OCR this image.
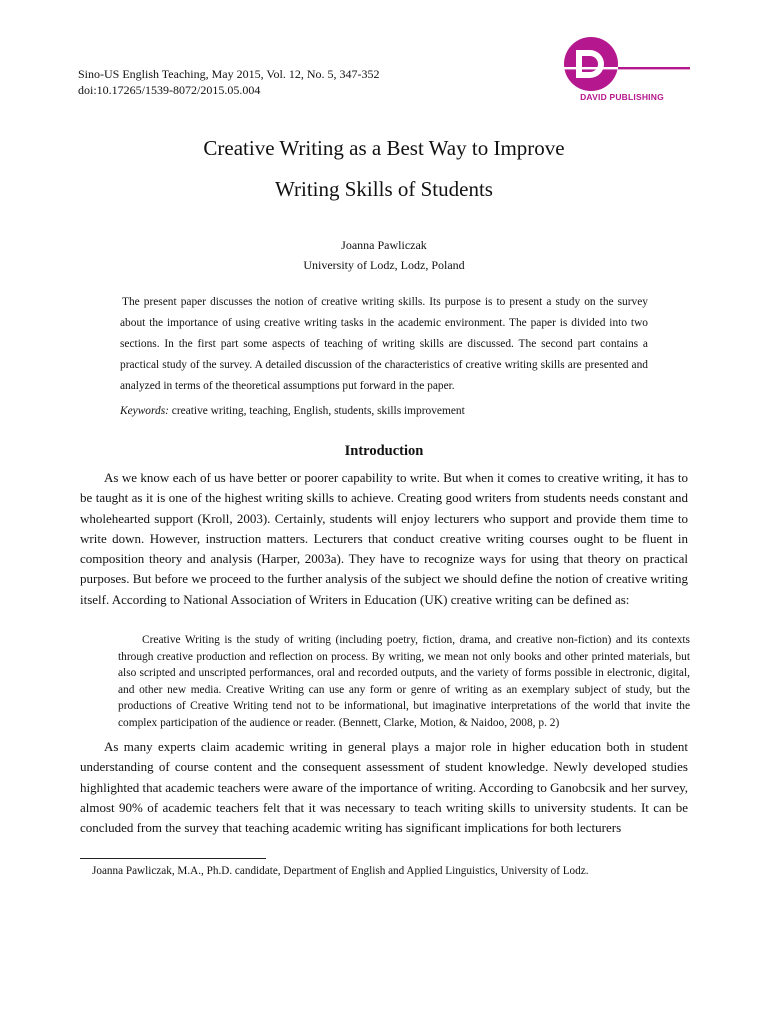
Sino-US English Teaching, May 2015, Vol. 12, No. 5, 347-352
doi:10.17265/1539-8072/2015.05.004	DAVID PUBLISHING
Creative Writing as a Best Way to Improve
Writing Skills of Students
Joanna Pawliczak
University of Lodz, Lodz, Poland
The present paper discusses the notion of creative writing skills. Its purpose is to present a study on the survey about the importance of using creative writing tasks in the academic environment. The paper is divided into two sections. In the first part some aspects of teaching of writing skills are discussed. The second part contains a practical study of the survey. A detailed discussion of the characteristics of creative writing skills are presented and analyzed in terms of the theoretical assumptions put forward in the paper.
Keywords: creative writing, teaching, English, students, skills improvement
Introduction
As we know each of us have better or poorer capability to write. But when it comes to creative writing, it has to be taught as it is one of the highest writing skills to achieve. Creating good writers from students needs constant and wholehearted support (Kroll, 2003). Certainly, students will enjoy lecturers who support and provide them time to write down. However, instruction matters. Lecturers that conduct creative writing courses ought to be fluent in composition theory and analysis (Harper, 2003a). They have to recognize ways for using that theory on practical purposes. But before we proceed to the further analysis of the subject we should define the notion of creative writing itself. According to National Association of Writers in Education (UK) creative writing can be defined as:
Creative Writing is the study of writing (including poetry, fiction, drama, and creative non-fiction) and its contexts through creative production and reflection on process. By writing, we mean not only books and other printed materials, but also scripted and unscripted performances, oral and recorded outputs, and the variety of forms possible in electronic, digital, and other new media. Creative Writing can use any form or genre of writing as an exemplary subject of study, but the productions of Creative Writing tend not to be informational, but imaginative interpretations of the world that invite the complex participation of the audience or reader. (Bennett, Clarke, Motion, & Naidoo, 2008, p. 2)
As many experts claim academic writing in general plays a major role in higher education both in student understanding of course content and the consequent assessment of student knowledge. Newly developed studies highlighted that academic teachers were aware of the importance of writing. According to Ganobcsik and her survey, almost 90% of academic teachers felt that it was necessary to teach writing skills to university students. It can be concluded from the survey that teaching academic writing has significant implications for both lecturers
Joanna Pawliczak, M.A., Ph.D. candidate, Department of English and Applied Linguistics, University of Lodz.
